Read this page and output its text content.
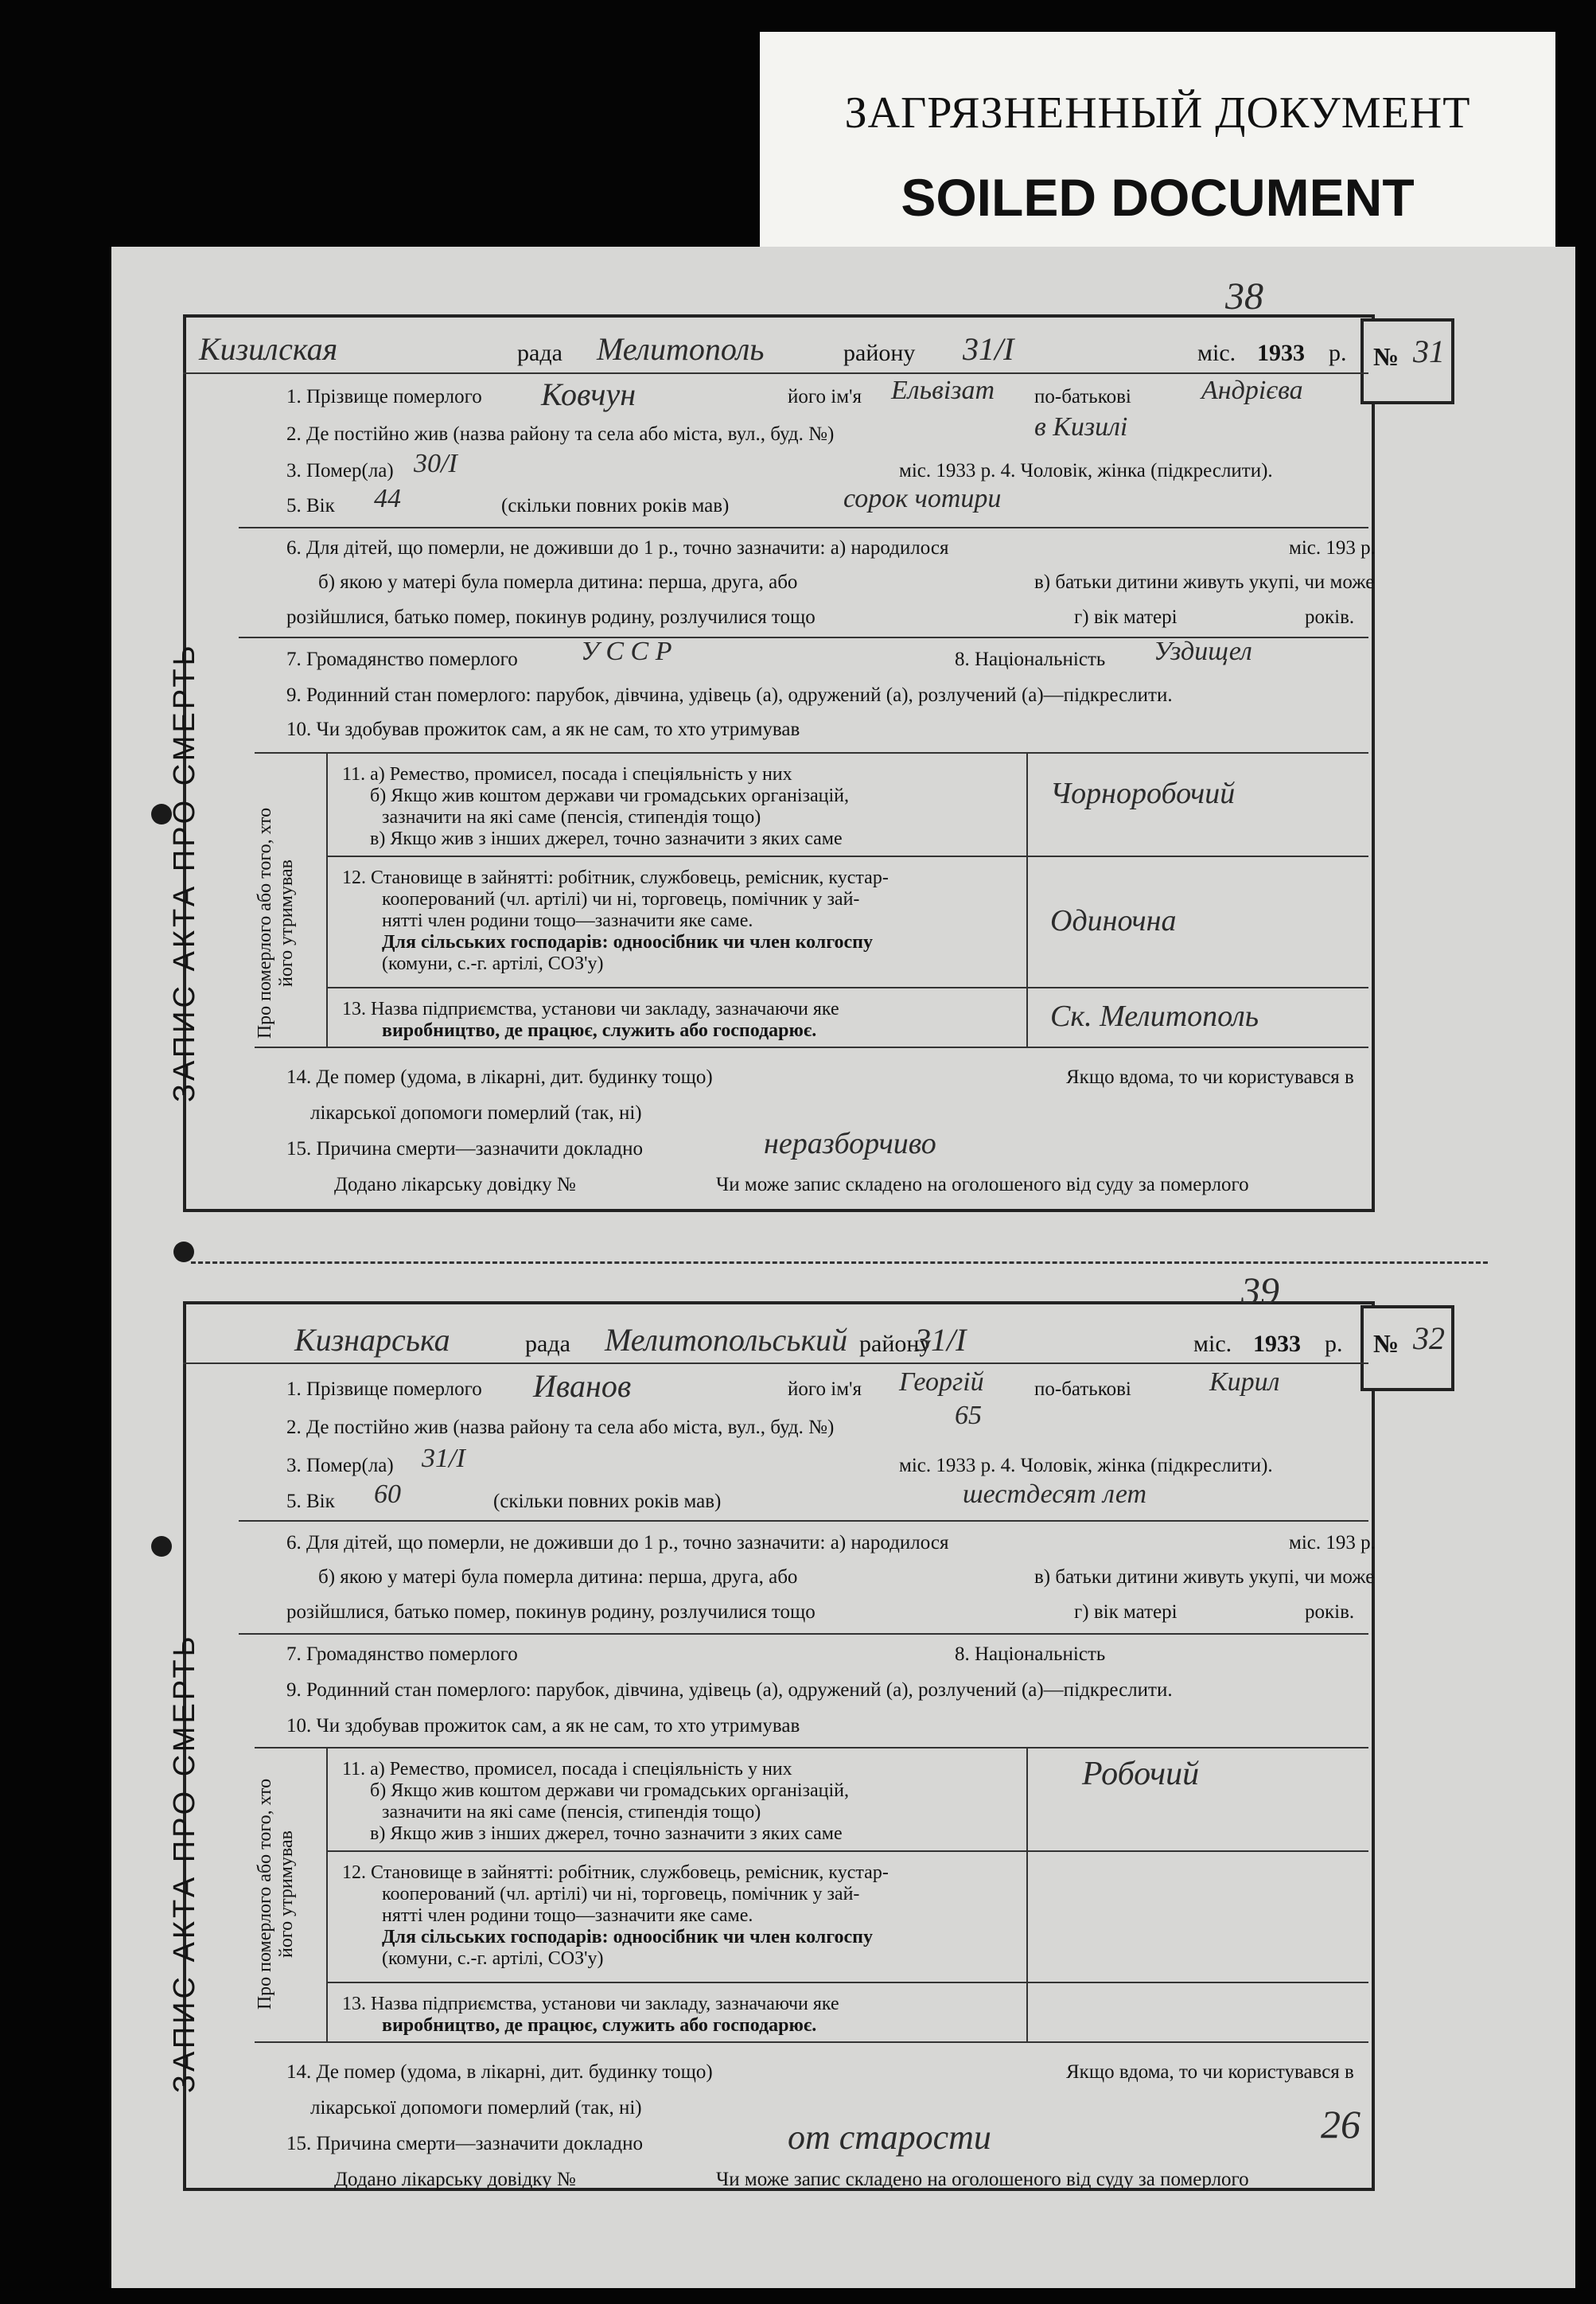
ЗАГРЯЗНЕННЫЙ ДОКУМЕНТ
SOILED DOCUMENT
№ 31
ЗАПИС АКТА ПРО СМЕРТЬ	Про померлого або того, хто його утримував
38
Кизилская	рада Мелитополь	району 31/I	міс. 1933 р.
1. Прізвище померлого Ковчун	його ім'я Ельвізат по-батькові	Андрієва
2. Де постійно жив (назва району та села або міста, вул., буд. №)	в Кизилі
3. Помер(ла) 30/I	міс. 1933 р. 4. Чоловік, жінка (підкреслити).
5. Вік 44	(скільки повних років мав)	сорок чотири
6. Для дітей, що померли, не доживши до 1 р., точно зазначити: а) народилося	міс. 193 р.
б) якою у матері була померла дитина: перша, друга, або	в) батьки дитини живуть укупі, чи може
розійшлися, батько помер, покинув родину, розлучилися тощо	г) вік матері	років.
7. Громадянство померлого У С С Р	8. Національність Уздищел
9. Родинний стан померлого: парубок, дівчина, удівець (а), одружений (а), розлучений (а)—підкреслити.
10. Чи здобував прожиток сам, а як не сам, то хто утримував
11. а) Ремество, промисел, посада і спеціяльність у них
б) Якщо жив коштом держави чи громадських організацій,
зазначити на які саме (пенсія, стипендія тощо)
в) Якщо жив з інших джерел, точно зазначити з яких саме
Чорноробочий
12. Становище в зайнятті: робітник, службовець, ремісник, кустар-
кооперований (чл. артілі) чи ні, торговець, помічник у зай-
нятті член родини тощо—зазначити яке саме.
Для сільських господарів: одноосібник чи член колгоспу
(комуни, с.-г. артілі, СОЗ'у)
Одиночна
13. Назва підприємства, установи чи закладу, зазначаючи яке
виробництво, де працює, служить або господарює.	Ск. Мелитополь
14. Де помер (удома, в лікарні, дит. будинку тощо)	Якщо вдома, то чи користувався в
лікарської допомоги померлий (так, ні)
15. Причина смерти—зазначити докладно	неразборчиво
Додано лікарську довідку №	Чи може запис складено на оголошеного від суду за померлого
№ 32
ЗАПИС АКТА ПРО СМЕРТЬ	Про померлого або того, хто його утримував
39
Кизнарська	рада Мелитопольський району
31/I	міс. 1933 р.
1. Прізвище померлого Иванов	його ім'я Георгій	по-батькові	Кирил
2. Де постійно жив (назва району та села або міста, вул., буд. №)	65
3. Помер(ла) 31/I	міс. 1933 р. 4. Чоловік, жінка (підкреслити).
5. Вік 60	(скільки повних років мав)	шестдесят лет
6. Для дітей, що померли, не доживши до 1 р., точно зазначити: а) народилося	міс. 193 р.
б) якою у матері була померла дитина: перша, друга, або	в) батьки дитини живуть укупі, чи може
розійшлися, батько помер, покинув родину, розлучилися тощо	г) вік матері	років.
7. Громадянство померлого	8. Національність
9. Родинний стан померлого: парубок, дівчина, удівець (а), одружений (а), розлучений (а)—підкреслити.
10. Чи здобував прожиток сам, а як не сам, то хто утримував
11. а) Ремество, промисел, посада і спеціяльність у них
б) Якщо жив коштом держави чи громадських організацій,
зазначити на які саме (пенсія, стипендія тощо)
в) Якщо жив з інших джерел, точно зазначити з яких саме
Робочий
12. Становище в зайнятті: робітник, службовець, ремісник, кустар-
кооперований (чл. артілі) чи ні, торговець, помічник у зай-
нятті член родини тощо—зазначити яке саме.
Для сільських господарів: одноосібник чи член колгоспу
(комуни, с.-г. артілі, СОЗ'у)
13. Назва підприємства, установи чи закладу, зазначаючи яке
виробництво, де працює, служить або господарює.
14. Де помер (удома, в лікарні, дит. будинку тощо)	Якщо вдома, то чи користувався в
лікарської допомоги померлий (так, ні)
15. Причина смерти—зазначити докладно	от старости
Додано лікарську довідку №	Чи може запис складено на оголошеного від суду за померлого
26
